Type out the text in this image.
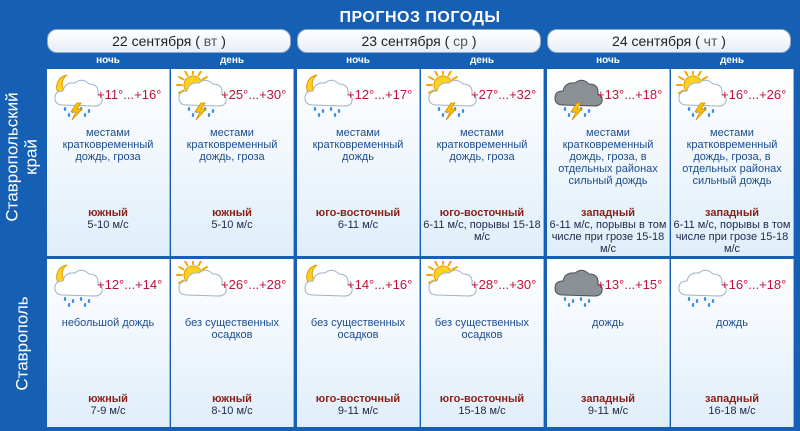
ПРОГНОЗ ПОГОДЫ
22 сентября ( вт )	23 сентября ( ср )	24 сентября ( чт )
ночь	день	ночь	день	ночь	день
Ставропольский край
+11°...+16°
местами кратковременный дождь, гроза
южный
5-10 м/с
+25°...+30°
местами кратковременный дождь, гроза
южный
5-10 м/с
+12°...+17°
местами кратковременный дождь
юго-восточный
6-11 м/с
+27°...+32°
местами кратковременный дождь, гроза
юго-восточный
6-11 м/с, порывы 15-18 м/с
+13°...+18°
местами кратковременный дождь, гроза, в отдельных районах сильный дождь
западный
6-11 м/с, порывы в том числе при грозе 15-18 м/с
+16°...+26°
местами кратковременный дождь, гроза, в отдельных районах сильный дождь
западный
6-11 м/с, порывы в том числе при грозе 15-18 м/с
Ставрополь
+12°...+14°
небольшой дождь
южный
7-9 м/с
+26°...+28°
без существенных осадков
южный
8-10 м/с
+14°...+16°
без существенных осадков
юго-восточный
9-11 м/с
+28°...+30°
без существенных осадков
юго-восточный
15-18 м/с
+13°...+15°
дождь
западный
9-11 м/с
+16°...+18°
дождь
западный
16-18 м/с
